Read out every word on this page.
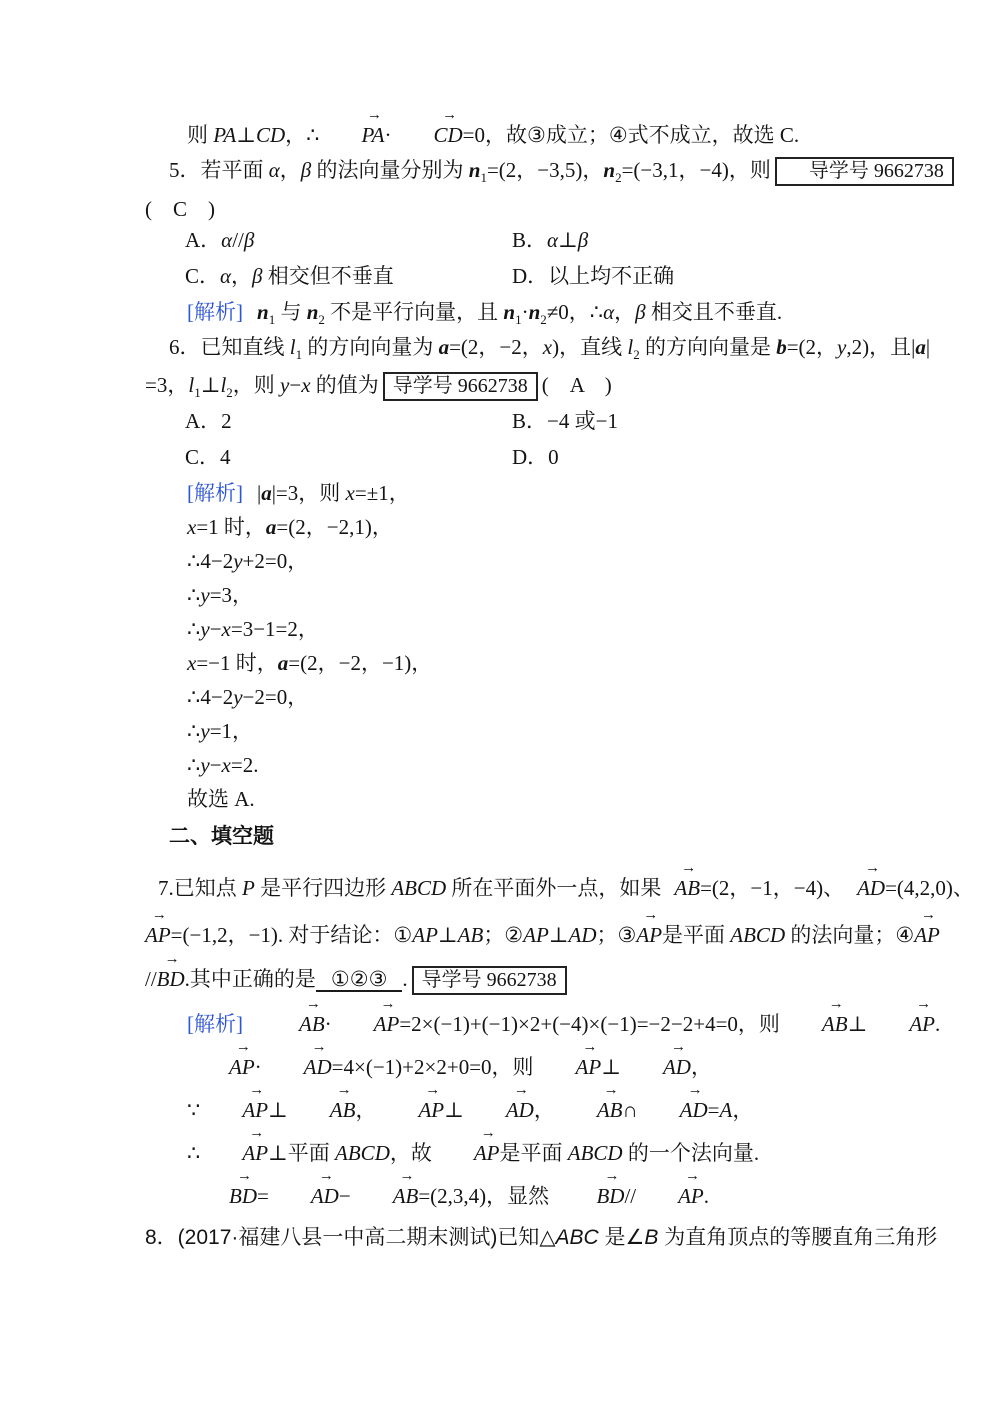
则 PA⊥CD，∴
→
PA·
→
CD=0，故③成立；④式不成立，故选 C.
5．若平面 α，β 的法向量分别为 $n_1=(2$，−3,5)，$n_2=(-3,1$，−4)，则 导学号 9662738
(　C　)
A．α//β	B．α⊥β
C．α，β 相交但不垂直	D．以上均不正确
[解析] $n_1$ 与 $n_2$ 不是平行向量，且 $n_1\cdot n_2\ne 0$，∴α，β 相交且不垂直.
6．已知直线 $l_1$ 的方向向量为 a=(2，−2，x)，直线 $l_2$ 的方向向量是 b=(2，y,2)，且|a|
=3，$l_1\perp l_2$，则 y−x 的值为 导学号 9662738 (　A　)
A．2	B．−4 或−1
C．4	D．0
[解析] |a|=3，则 x=±1，
x=1 时，a=(2，−2,1)，
∴4−2y+2=0，
∴y=3，
∴y−x=3−1=2，
x=−1 时，a=(2，−2，−1)，
∴4−2y−2=0，
∴y=1，
∴y−x=2.
故选 A.
二、填空题
7.已知点 P 是平行四边形 ABCD 所在平面外一点，如果
→
AB=(2，−1，−4)、
→
AD=(4,2,0)、
→
AP=(−1,2，−1). 对于结论：①AP⊥AB；②AP⊥AD；③
→
AP是平面 ABCD 的法向量；④
→
AP
//
→
BD.其中正确的是 ①②③ . 导学号 9662738
[解析]
→
AB·
→
AP=2×(−1)+(−1)×2+(−4)×(−1)=−2−2+4=0，则
→
AB⊥
→
AP.
→
AP·
→
AD=4×(−1)+2×2+0=0，则
→
AP⊥
→
AD，
∵
→
AP⊥
→
AB，
→
AP⊥
→
AD，
→
AB∩
→
AD=A，
∴
→
AP⊥平面 ABCD，故
→
AP是平面 ABCD 的一个法向量.
→
BD=
→
AD−
→
AB=(2,3,4)，显然
→
BD//
→
AP.
8．(2017·福建八县一中高二期末测试)已知△ABC 是∠B 为直角顶点的等腰直角三角形
